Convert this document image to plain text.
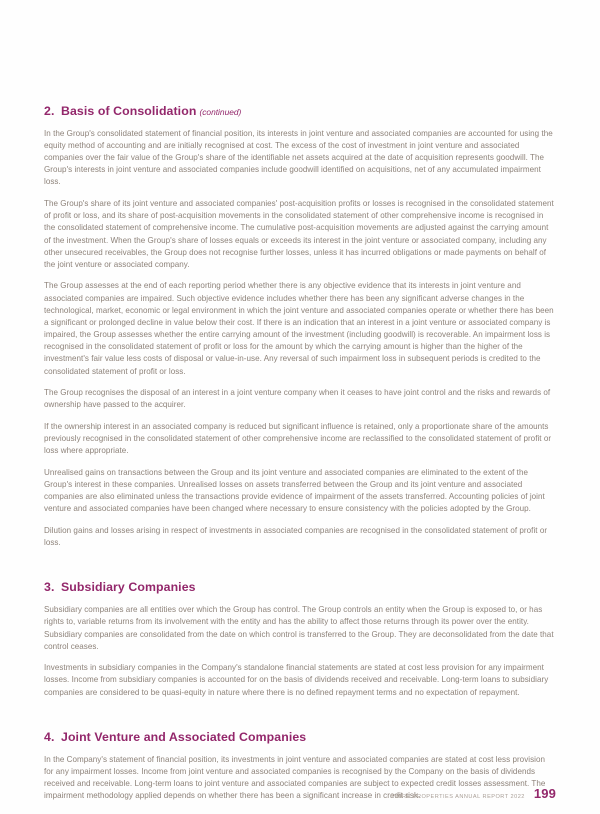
2. Basis of Consolidation (continued)

In the Group's consolidated statement of financial position, its interests in joint venture and associated companies are accounted for using the equity method of accounting and are initially recognised at cost. The excess of the cost of investment in joint venture and associated companies over the fair value of the Group's share of the identifiable net assets acquired at the date of acquisition represents goodwill. The Group's interests in joint venture and associated companies include goodwill identified on acquisitions, net of any accumulated impairment loss.

The Group's share of its joint venture and associated companies' post-acquisition profits or losses is recognised in the consolidated statement of profit or loss, and its share of post-acquisition movements in the consolidated statement of other comprehensive income is recognised in the consolidated statement of comprehensive income. The cumulative post-acquisition movements are adjusted against the carrying amount of the investment. When the Group's share of losses equals or exceeds its interest in the joint venture or associated company, including any other unsecured receivables, the Group does not recognise further losses, unless it has incurred obligations or made payments on behalf of the joint venture or associated company.

The Group assesses at the end of each reporting period whether there is any objective evidence that its interests in joint venture and associated companies are impaired. Such objective evidence includes whether there has been any significant adverse changes in the technological, market, economic or legal environment in which the joint venture and associated companies operate or whether there has been a significant or prolonged decline in value below their cost. If there is an indication that an interest in a joint venture or associated company is impaired, the Group assesses whether the entire carrying amount of the investment (including goodwill) is recoverable. An impairment loss is recognised in the consolidated statement of profit or loss for the amount by which the carrying amount is higher than the higher of the investment's fair value less costs of disposal or value-in-use. Any reversal of such impairment loss in subsequent periods is credited to the consolidated statement of profit or loss.

The Group recognises the disposal of an interest in a joint venture company when it ceases to have joint control and the risks and rewards of ownership have passed to the acquirer.

If the ownership interest in an associated company is reduced but significant influence is retained, only a proportionate share of the amounts previously recognised in the consolidated statement of other comprehensive income are reclassified to the consolidated statement of profit or loss where appropriate.

Unrealised gains on transactions between the Group and its joint venture and associated companies are eliminated to the extent of the Group's interest in these companies. Unrealised losses on assets transferred between the Group and its joint venture and associated companies are also eliminated unless the transactions provide evidence of impairment of the assets transferred. Accounting policies of joint venture and associated companies have been changed where necessary to ensure consistency with the policies adopted by the Group.

Dilution gains and losses arising in respect of investments in associated companies are recognised in the consolidated statement of profit or loss.

3. Subsidiary Companies

Subsidiary companies are all entities over which the Group has control. The Group controls an entity when the Group is exposed to, or has rights to, variable returns from its involvement with the entity and has the ability to affect those returns through its power over the entity. Subsidiary companies are consolidated from the date on which control is transferred to the Group. They are deconsolidated from the date that control ceases.

Investments in subsidiary companies in the Company's standalone financial statements are stated at cost less provision for any impairment losses. Income from subsidiary companies is accounted for on the basis of dividends received and receivable. Long-term loans to subsidiary companies are considered to be quasi-equity in nature where there is no defined repayment terms and no expectation of repayment.

4. Joint Venture and Associated Companies

In the Company's statement of financial position, its investments in joint venture and associated companies are stated at cost less provision for any impairment losses. Income from joint venture and associated companies is recognised by the Company on the basis of dividends received and receivable. Long-term loans to joint venture and associated companies are subject to expected credit losses assessment. The impairment methodology applied depends on whether there has been a significant increase in credit risk.

SWIRE PROPERTIES ANNUAL REPORT 2022 199
